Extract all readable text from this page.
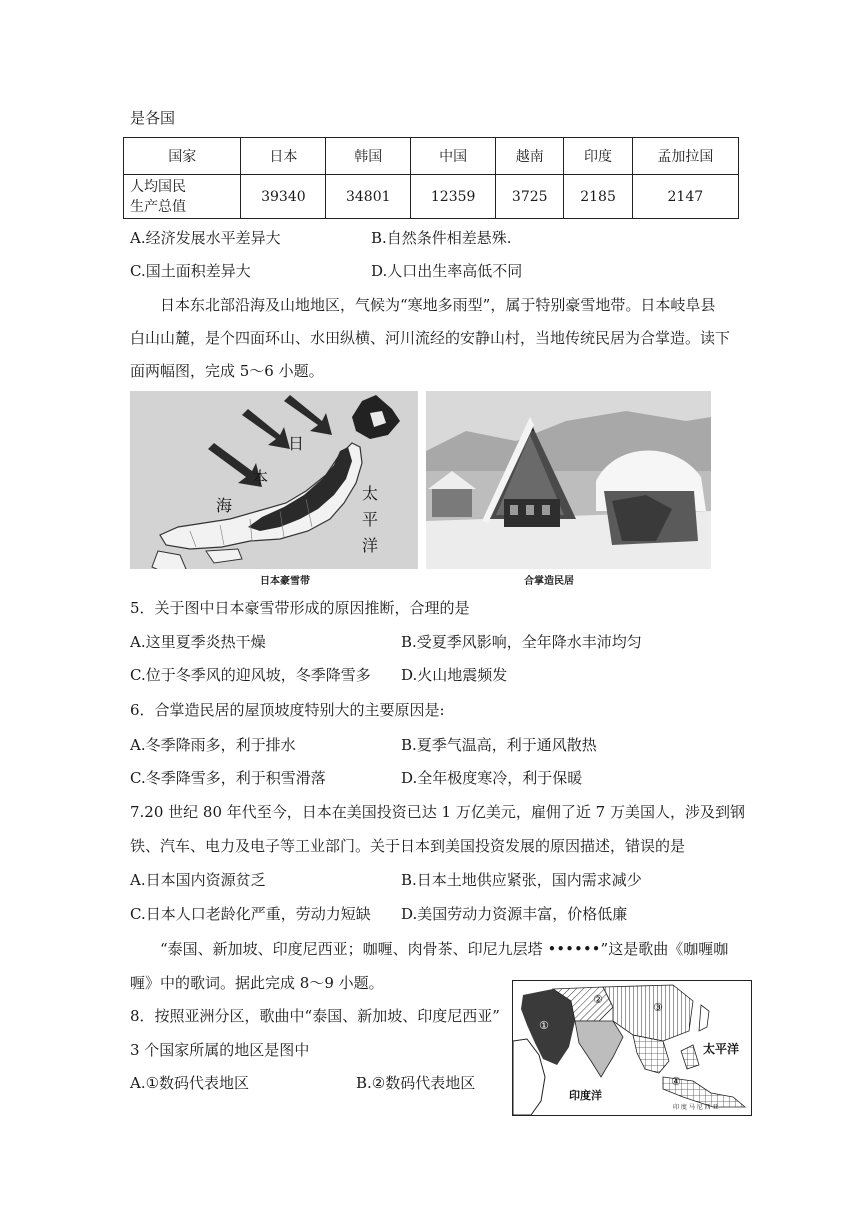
是各国
国家	日本	韩国	中国	越南	印度	孟加拉国

人均国民
生产总值	39340	34801	12359	3725	2185	2147
A.经济发展水平差异大	B.自然条件相差悬殊.
C.国土面积差异大	D.人口出生率高低不同
日本东北部沿海及山地地区，气候为“寒地多雨型”，属于特别豪雪地带。日本岐阜县
白山山麓，是个四面环山、水田纵横、河川流经的安静山村，当地传统民居为合掌造。读下
面两幅图，完成 5～6 小题。
日
本
海
太
平
洋
日本豪雪带	合掌造民居
5．关于图中日本豪雪带形成的原因推断，合理的是
A.这里夏季炎热干燥	B.受夏季风影响，全年降水丰沛均匀
C.位于冬季风的迎风坡，冬季降雪多 D.火山地震频发
6．合掌造民居的屋顶坡度特别大的主要原因是:
A.冬季降雨多，利于排水	B.夏季气温高，利于通风散热
C.冬季降雪多，利于积雪滑落	D.全年极度寒冷，利于保暖
7.20 世纪 80 年代至今，日本在美国投资已达 1 万亿美元，雇佣了近 7 万美国人，涉及到钢
铁、汽车、电力及电子等工业部门。关于日本到美国投资发展的原因描述，错误的是
A.日本国内资源贫乏	B.日本土地供应紧张，国内需求减少
C.日本人口老龄化严重，劳动力短缺 D.美国劳动力资源丰富，价格低廉
“泰国、新加坡、印度尼西亚；咖喱、肉骨茶、印尼九层塔 ••••••”这是歌曲《咖喱咖
喱》中的歌词。据此完成 8～9 小题。
8．按照亚洲分区，歌曲中“泰国、新加坡、印度尼西亚”
3 个国家所属的地区是图中
A.①数码代表地区	B.②数码代表地区
①
②
③
④
太平洋
印度洋
印 度 马 尼 西 亚
